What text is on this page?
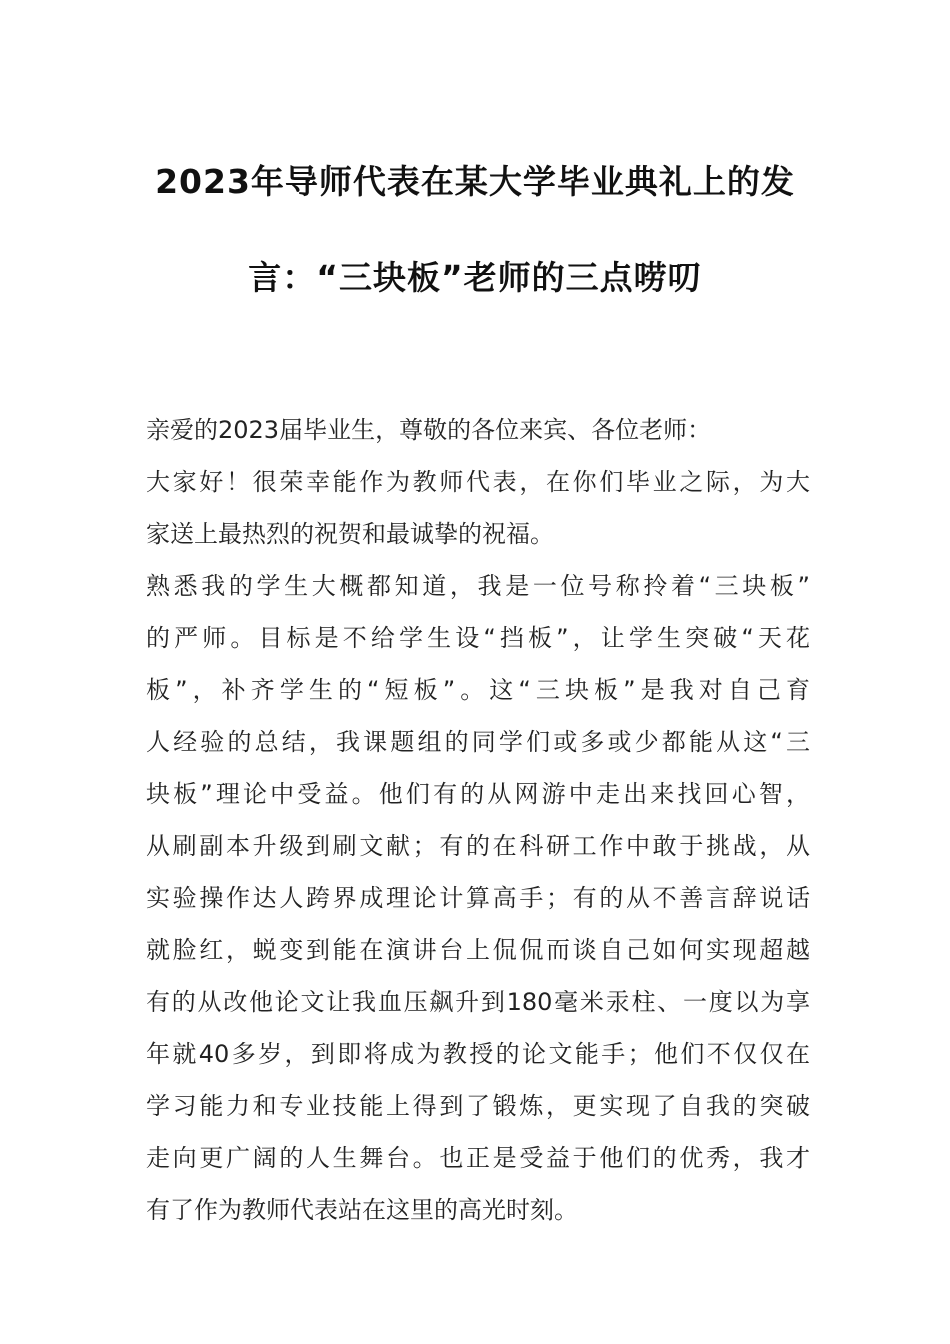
2023年导师代表在某大学毕业典礼上的发
言：“三块板”老师的三点唠叨
亲爱的2023届毕业生，尊敬的各位来宾、各位老师：
大家好！很荣幸能作为教师代表，在你们毕业之际，为大
家送上最热烈的祝贺和最诚挚的祝福。
熟悉我的学生大概都知道，我是一位号称拎着“三块板”
的严师。目标是不给学生设“挡板”，让学生突破“天花
板”，补齐学生的“短板”。这“三块板”是我对自己育
人经验的总结，我课题组的同学们或多或少都能从这“三
块板”理论中受益。他们有的从网游中走出来找回心智，
从刷副本升级到刷文献；有的在科研工作中敢于挑战，从
实验操作达人跨界成理论计算高手；有的从不善言辞说话
就脸红，蜕变到能在演讲台上侃侃而谈自己如何实现超越
有的从改他论文让我血压飙升到180毫米汞柱、一度以为享
年就40多岁，到即将成为教授的论文能手；他们不仅仅在
学习能力和专业技能上得到了锻炼，更实现了自我的突破
走向更广阔的人生舞台。也正是受益于他们的优秀，我才
有了作为教师代表站在这里的高光时刻。
